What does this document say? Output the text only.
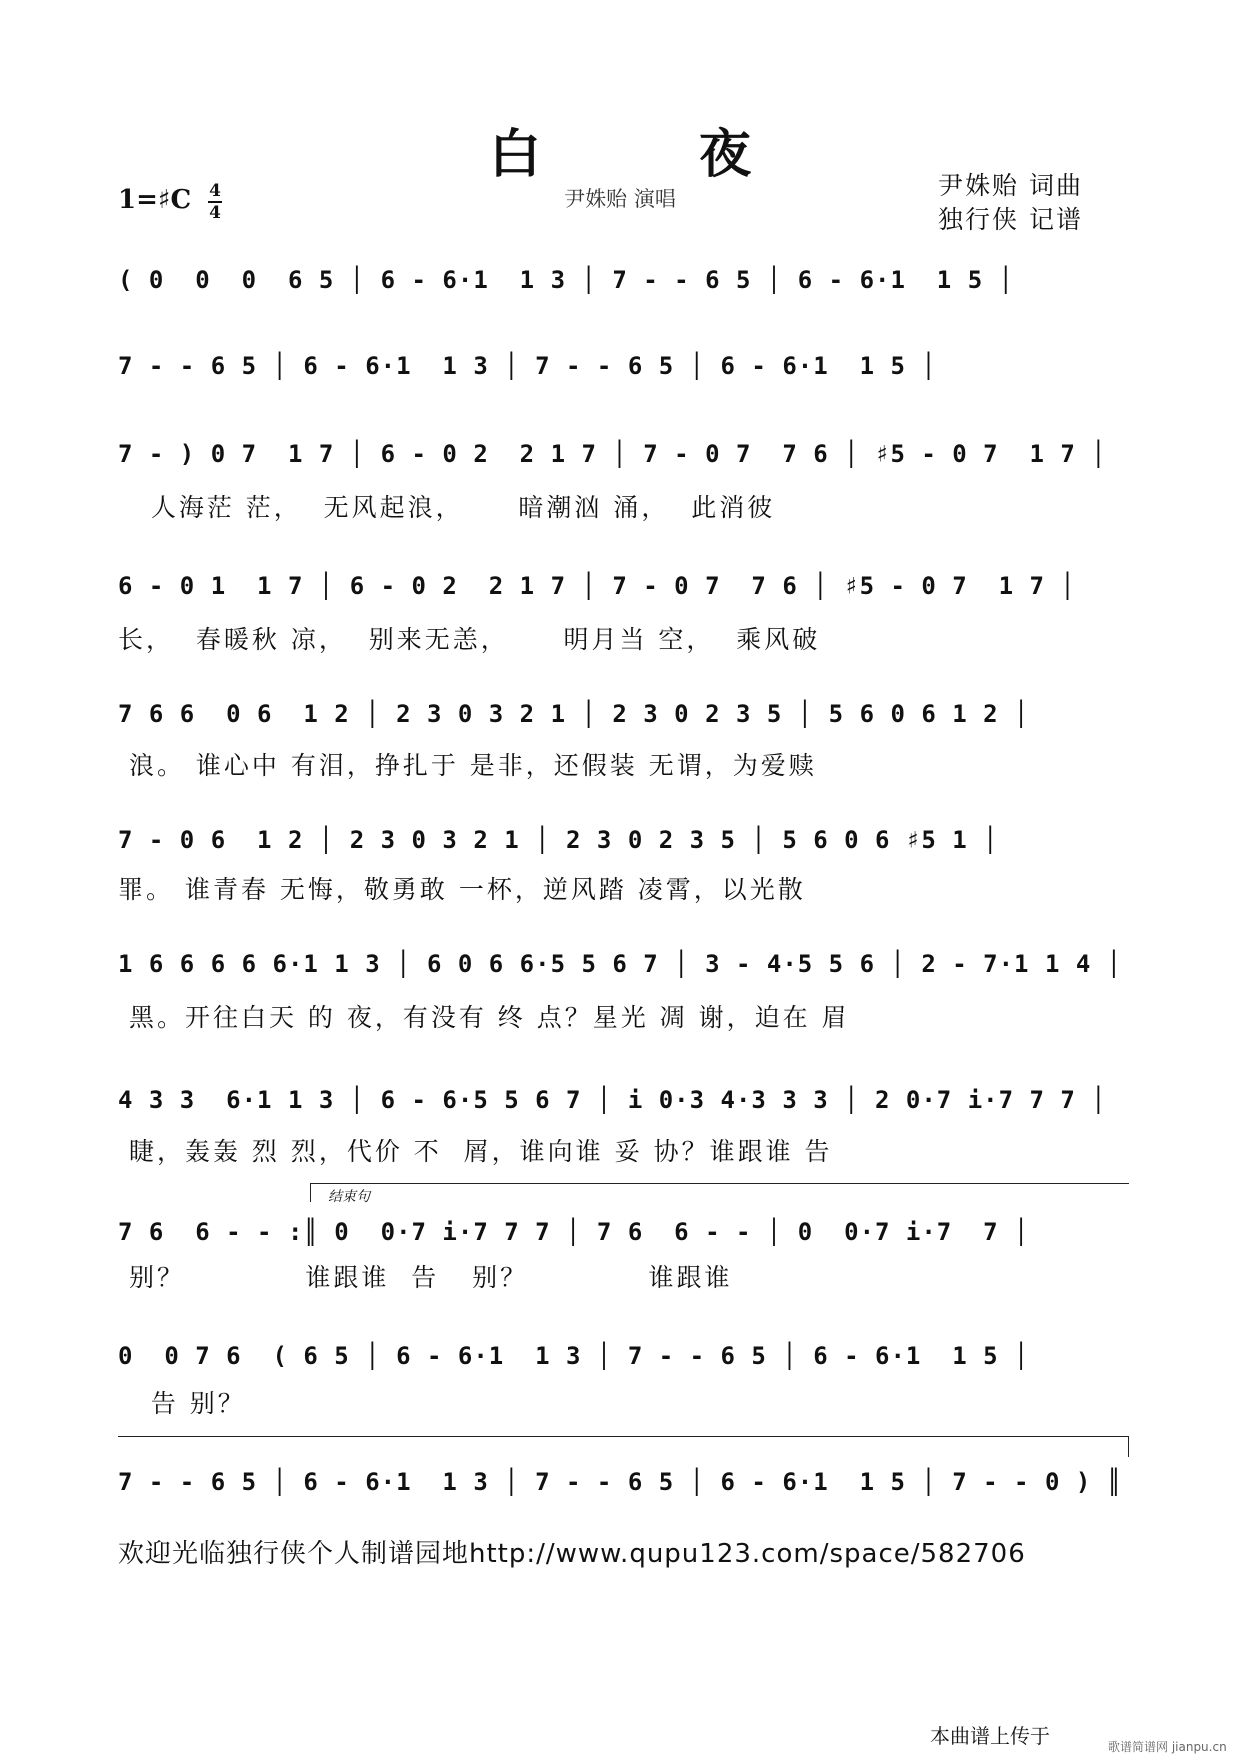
白 夜
尹姝贻 演唱
1=♯C 4
4
尹姝贻 词曲
独行侠 记谱
( 0  0  0  6 5 │ 6 - 6·1  1 3 │ 7 - - 6 5 │ 6 - 6·1  1 5 │
7 - - 6 5 │ 6 - 6·1  1 3 │ 7 - - 6 5 │ 6 - 6·1  1 5 │
7 - ) 0 7  1 7 │ 6 - 0 2  2 1 7 │ 7 - 0 7  7 6 │ ♯5 - 0 7  1 7 │
人海茫 茫，  无风起浪，     暗潮汹 涌，  此消彼
6 - 0 1  1 7 │ 6 - 0 2  2 1 7 │ 7 - 0 7  7 6 │ ♯5 - 0 7  1 7 │
长，  春暖秋 凉，  别来无恙，     明月当 空，  乘风破
7 6 6  0 6  1 2 │ 2 3 0 3 2 1 │ 2 3 0 2 3 5 │ 5 6 0 6 1 2 │
浪。 谁心中 有泪，挣扎于 是非，还假装 无谓，为爱赎
7 - 0 6  1 2 │ 2 3 0 3 2 1 │ 2 3 0 2 3 5 │ 5 6 0 6 ♯5 1 │
罪。 谁青春 无悔，敬勇敢 一杯，逆风踏 凌霄，以光散
1 6 6 6 6 6·1 1 3 │ 6 0 6 6·5 5 6 7 │ 3 - 4·5 5 6 │ 2 - 7·1 1 4 │
黑。开往白天 的 夜，有没有 终 点？星光 凋 谢，迫在 眉
4 3 3  6·1 1 3 │ 6 - 6·5 5 6 7 │ i 0·3 4·3 3 3 │ 2 0·7 i·7 7 7 │
睫，轰轰 烈 烈，代价 不  屑，谁向谁 妥 协？谁跟谁 告
结束句
7 6  6 - - :║ 0  0·7 i·7 7 7 │ 7 6  6 - - │ 0  0·7 i·7  7 │
别？           谁跟谁  告   别？           谁跟谁
0  0 7 6  ( 6 5 │ 6 - 6·1  1 3 │ 7 - - 6 5 │ 6 - 6·1  1 5 │
告 别？
7 - - 6 5 │ 6 - 6·1  1 3 │ 7 - - 6 5 │ 6 - 6·1  1 5 │ 7 - - 0 ) ║
欢迎光临独行侠个人制谱园地http://www.qupu123.com/space/582706
本曲谱上传于	歌谱简谱网 jianpu.cn
